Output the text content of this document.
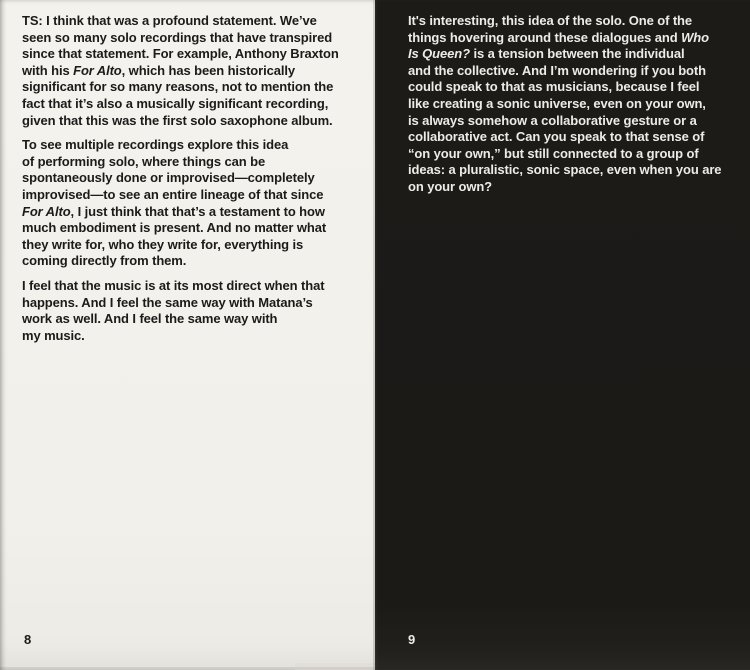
TS: I think that was a profound statement. We’ve
seen so many solo recordings that have transpired
since that statement. For example, Anthony Braxton
with his For Alto, which has been historically
significant for so many reasons, not to mention the
fact that it’s also a musically significant recording,
given that this was the first solo saxophone album.
To see multiple recordings explore this idea
of performing solo, where things can be
spontaneously done or improvised—completely
improvised—to see an entire lineage of that since
For Alto, I just think that that’s a testament to how
much embodiment is present. And no matter what
they write for, who they write for, everything is
coming directly from them.
I feel that the music is at its most direct when that
happens. And I feel the same way with Matana’s
work as well. And I feel the same way with
my music.
8
It's interesting, this idea of the solo. One of the
things hovering around these dialogues and Who
Is Queen? is a tension between the individual
and the collective. And I’m wondering if you both
could speak to that as musicians, because I feel
like creating a sonic universe, even on your own,
is always somehow a collaborative gesture or a
collaborative act. Can you speak to that sense of
“on your own,” but still connected to a group of
ideas: a pluralistic, sonic space, even when you are
on your own?
9
